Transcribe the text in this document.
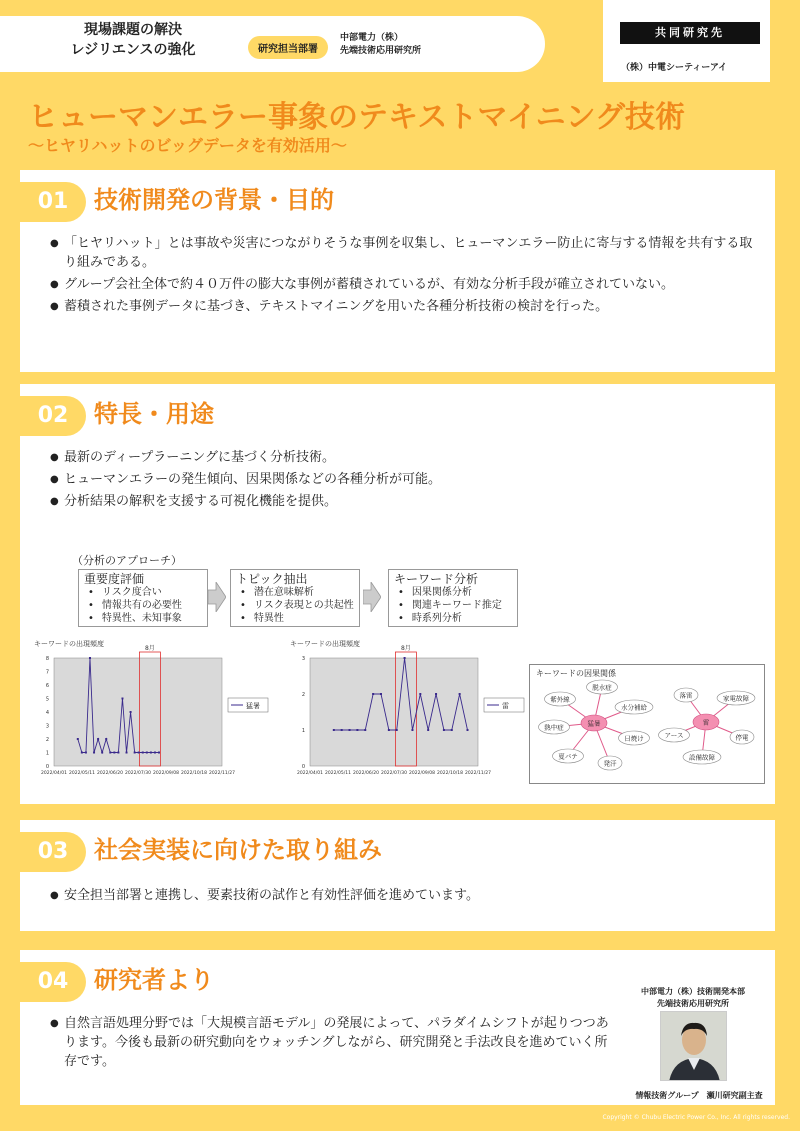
現場課題の解決
レジリエンスの強化	研究担当部署
中部電力（株）
先端技術応用研究所
共同研究先
（株）中電シーティーアイ
ヒューマンエラー事象のテキストマイニング技術
～ヒヤリハットのビッグデータを有効活用～
01	技術開発の背景・目的
● 「ヒヤリハット」とは事故や災害につながりそうな事例を収集し、ヒューマンエラー防止に寄与する情報を共有する取り組みである。
● グループ会社全体で約４０万件の膨大な事例が蓄積されているが、有効な分析手段が確立されていない。
● 蓄積された事例データに基づき、テキストマイニングを用いた各種分析技術の検討を行った。
02	特長・用途
● 最新のディープラーニングに基づく分析技術。
● ヒューマンエラーの発生傾向、因果関係などの各種分析が可能。
● 分析結果の解釈を支援する可視化機能を提供。
（分析のアプローチ）
重要度評価
• リスク度合い
• 情報共有の必要性
• 特異性、未知事象
トピック抽出
• 潜在意味解析
• リスク表現との共起性
• 特異性
キーワード分析
• 因果関係分析
• 関連キーワード推定
• 時系列分析
キーワードの出現頻度
0
1
2
3
4
5
6
7
8
2022/04/01 2022/05/11 2022/06/20 2022/07/30 2022/09/08 2022/10/18 2022/11/27
8月
猛暑
キーワードの出現頻度
0
1
2
3
2022/04/01 2022/05/11 2022/06/20 2022/07/30 2022/09/08 2022/10/18 2022/11/27
8月
雷
キーワードの因果関係
紫外線
脱水症
水分補給
日焼け
発汗
夏バテ
熱中症	猛暑
落雷	家電故障
停電
設備故障
アース
雷
03	社会実装に向けた取り組み
● 安全担当部署と連携し、要素技術の試作と有効性評価を進めています。
04	研究者より
● 自然言語処理分野では「大規模言語モデル」の発展によって、パラダイムシフトが起りつつあります。今後も最新の研究動向をウォッチングしながら、研究開発と手法改良を進めていく所存です。
中部電力（株）技術開発本部
先端技術応用研究所
情報技術グループ　瀬川研究副主查
Copyright © Chubu Electric Power Co., Inc. All rights reserved.
